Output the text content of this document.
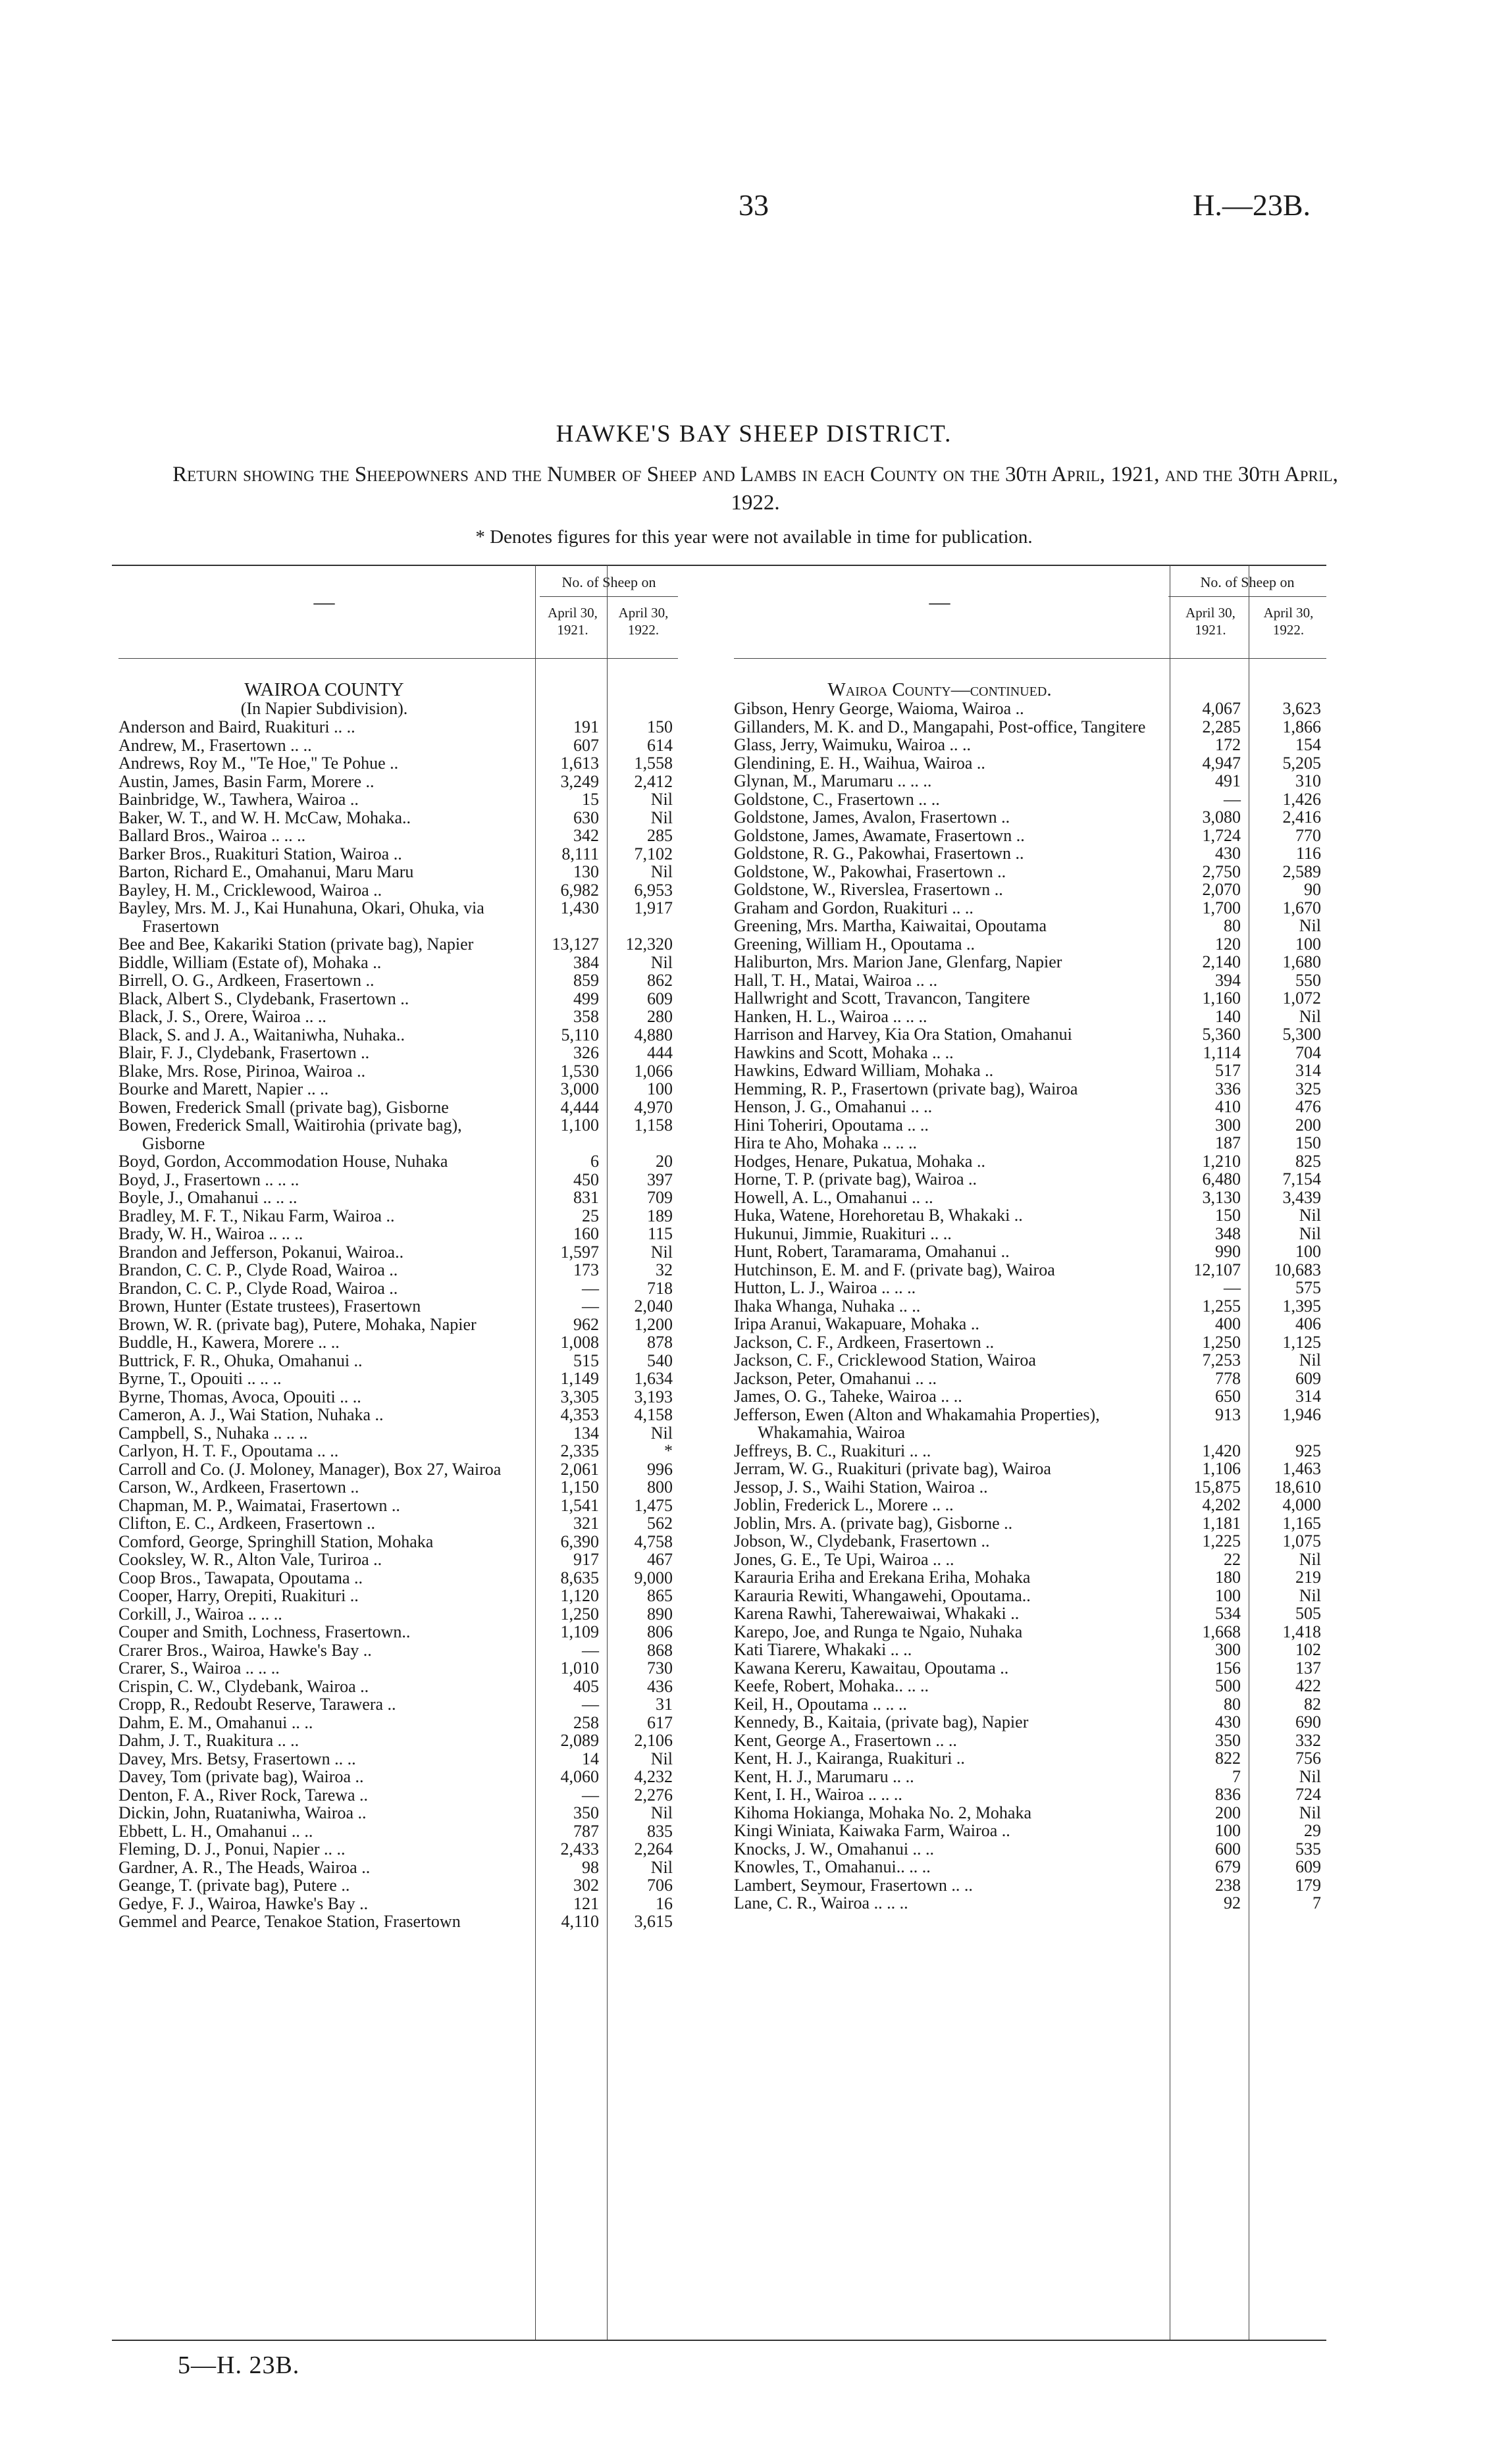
33	H.—23B.
HAWKE'S BAY SHEEP DISTRICT.
Return showing the Sheepowners and the Number of Sheep and Lambs in each County on the 30th April, 1921, and the 30th April, 1922.
* Denotes figures for this year were not available in time for publication.
—
No. of Sheep on
April 30, 1921.
April 30, 1922.
WAIROA COUNTY
(In Napier Subdivision).
Anderson and Baird, Ruakituri .. ..	191	150
Andrew, M., Frasertown .. ..	607	614
Andrews, Roy M., "Te Hoe," Te Pohue ..	1,613	1,558
Austin, James, Basin Farm, Morere ..	3,249	2,412
Bainbridge, W., Tawhera, Wairoa ..	15	Nil
Baker, W. T., and W. H. McCaw, Mohaka..	630	Nil
Ballard Bros., Wairoa .. .. ..	342	285
Barker Bros., Ruakituri Station, Wairoa ..	8,111	7,102
Barton, Richard E., Omahanui, Maru Maru	130	Nil
Bayley, H. M., Cricklewood, Wairoa ..	6,982	6,953
Bayley, Mrs. M. J., Kai Hunahuna, Okari, Ohuka, via Frasertown
1,430	1,917
Bee and Bee, Kakariki Station (private bag), Napier	13,127	12,320
Biddle, William (Estate of), Mohaka ..	384	Nil
Birrell, O. G., Ardkeen, Frasertown ..	859	862
Black, Albert S., Clydebank, Frasertown ..	499	609
Black, J. S., Orere, Wairoa .. ..	358	280
Black, S. and J. A., Waitaniwha, Nuhaka..	5,110	4,880
Blair, F. J., Clydebank, Frasertown ..	326	444
Blake, Mrs. Rose, Pirinoa, Wairoa ..	1,530	1,066
Bourke and Marett, Napier .. ..	3,000	100
Bowen, Frederick Small (private bag), Gisborne	4,444	4,970
Bowen, Frederick Small, Waitirohia (private bag), Gisborne
1,100	1,158
Boyd, Gordon, Accommodation House, Nuhaka	6	20
Boyd, J., Frasertown .. .. ..	450	397
Boyle, J., Omahanui .. .. ..	831	709
Bradley, M. F. T., Nikau Farm, Wairoa ..	25	189
Brady, W. H., Wairoa .. .. ..	160	115
Brandon and Jefferson, Pokanui, Wairoa..	1,597	Nil
Brandon, C. C. P., Clyde Road, Wairoa ..	173	32
Brandon, C. C. P., Clyde Road, Wairoa ..	—	718
Brown, Hunter (Estate trustees), Frasertown	—	2,040
Brown, W. R. (private bag), Putere, Mohaka, Napier	962	1,200
Buddle, H., Kawera, Morere .. ..	1,008	878
Buttrick, F. R., Ohuka, Omahanui ..	515	540
Byrne, T., Opouiti .. .. ..	1,149	1,634
Byrne, Thomas, Avoca, Opouiti .. ..	3,305	3,193
Cameron, A. J., Wai Station, Nuhaka ..	4,353	4,158
Campbell, S., Nuhaka .. .. ..	134	Nil
Carlyon, H. T. F., Opoutama .. ..	2,335	*
Carroll and Co. (J. Moloney, Manager), Box 27, Wairoa	2,061	996
Carson, W., Ardkeen, Frasertown ..	1,150	800
Chapman, M. P., Waimatai, Frasertown ..	1,541	1,475
Clifton, E. C., Ardkeen, Frasertown ..	321	562
Comford, George, Springhill Station, Mohaka	6,390	4,758
Cooksley, W. R., Alton Vale, Turiroa ..	917	467
Coop Bros., Tawapata, Opoutama ..	8,635	9,000
Cooper, Harry, Orepiti, Ruakituri ..	1,120	865
Corkill, J., Wairoa .. .. ..	1,250	890
Couper and Smith, Lochness, Frasertown..	1,109	806
Crarer Bros., Wairoa, Hawke's Bay ..	—	868
Crarer, S., Wairoa .. .. ..	1,010	730
Crispin, C. W., Clydebank, Wairoa ..	405	436
Cropp, R., Redoubt Reserve, Tarawera ..	—	31
Dahm, E. M., Omahanui .. ..	258	617
Dahm, J. T., Ruakitura .. ..	2,089	2,106
Davey, Mrs. Betsy, Frasertown .. ..	14	Nil
Davey, Tom (private bag), Wairoa ..	4,060	4,232
Denton, F. A., River Rock, Tarewa ..	—	2,276
Dickin, John, Ruataniwha, Wairoa ..	350	Nil
Ebbett, L. H., Omahanui .. ..	787	835
Fleming, D. J., Ponui, Napier .. ..	2,433	2,264
Gardner, A. R., The Heads, Wairoa ..	98	Nil
Geange, T. (private bag), Putere ..	302	706
Gedye, F. J., Wairoa, Hawke's Bay ..	121	16
Gemmel and Pearce, Tenakoe Station, Frasertown	4,110	3,615
—
No. of Sheep on
April 30, 1921.
April 30, 1922.
Wairoa County—continued.
Gibson, Henry George, Waioma, Wairoa ..	4,067	3,623
Gillanders, M. K. and D., Mangapahi, Post-office, Tangitere	2,285	1,866
Glass, Jerry, Waimuku, Wairoa .. ..	172	154
Glendining, E. H., Waihua, Wairoa ..	4,947	5,205
Glynan, M., Marumaru .. .. ..	491	310
Goldstone, C., Frasertown .. ..	—	1,426
Goldstone, James, Avalon, Frasertown ..	3,080	2,416
Goldstone, James, Awamate, Frasertown ..	1,724	770
Goldstone, R. G., Pakowhai, Frasertown ..	430	116
Goldstone, W., Pakowhai, Frasertown ..	2,750	2,589
Goldstone, W., Riverslea, Frasertown ..	2,070	90
Graham and Gordon, Ruakituri .. ..	1,700	1,670
Greening, Mrs. Martha, Kaiwaitai, Opoutama	80	Nil
Greening, William H., Opoutama ..	120	100
Haliburton, Mrs. Marion Jane, Glenfarg, Napier	2,140	1,680
Hall, T. H., Matai, Wairoa .. ..	394	550
Hallwright and Scott, Travancon, Tangitere	1,160	1,072
Hanken, H. L., Wairoa .. .. ..	140	Nil
Harrison and Harvey, Kia Ora Station, Omahanui	5,360	5,300
Hawkins and Scott, Mohaka .. ..	1,114	704
Hawkins, Edward William, Mohaka ..	517	314
Hemming, R. P., Frasertown (private bag), Wairoa	336	325
Henson, J. G., Omahanui .. ..	410	476
Hini Toheriri, Opoutama .. ..	300	200
Hira te Aho, Mohaka .. .. ..	187	150
Hodges, Henare, Pukatua, Mohaka ..	1,210	825
Horne, T. P. (private bag), Wairoa ..	6,480	7,154
Howell, A. L., Omahanui .. ..	3,130	3,439
Huka, Watene, Horehoretau B, Whakaki ..	150	Nil
Hukunui, Jimmie, Ruakituri .. ..	348	Nil
Hunt, Robert, Taramarama, Omahanui ..	990	100
Hutchinson, E. M. and F. (private bag), Wairoa	12,107	10,683
Hutton, L. J., Wairoa .. .. ..	—	575
Ihaka Whanga, Nuhaka .. ..	1,255	1,395
Iripa Aranui, Wakapuare, Mohaka ..	400	406
Jackson, C. F., Ardkeen, Frasertown ..	1,250	1,125
Jackson, C. F., Cricklewood Station, Wairoa	7,253	Nil
Jackson, Peter, Omahanui .. ..	778	609
James, O. G., Taheke, Wairoa .. ..	650	314
Jefferson, Ewen (Alton and Whakamahia Properties), Whakamahia, Wairoa
913	1,946
Jeffreys, B. C., Ruakituri .. ..	1,420	925
Jerram, W. G., Ruakituri (private bag), Wairoa	1,106	1,463
Jessop, J. S., Waihi Station, Wairoa ..	15,875	18,610
Joblin, Frederick L., Morere .. ..	4,202	4,000
Joblin, Mrs. A. (private bag), Gisborne ..	1,181	1,165
Jobson, W., Clydebank, Frasertown ..	1,225	1,075
Jones, G. E., Te Upi, Wairoa .. ..	22	Nil
Karauria Eriha and Erekana Eriha, Mohaka	180	219
Karauria Rewiti, Whangawehi, Opoutama..	100	Nil
Karena Rawhi, Taherewaiwai, Whakaki ..	534	505
Karepo, Joe, and Runga te Ngaio, Nuhaka	1,668	1,418
Kati Tiarere, Whakaki .. ..	300	102
Kawana Kereru, Kawaitau, Opoutama ..	156	137
Keefe, Robert, Mohaka.. .. ..	500	422
Keil, H., Opoutama .. .. ..	80	82
Kennedy, B., Kaitaia, (private bag), Napier	430	690
Kent, George A., Frasertown .. ..	350	332
Kent, H. J., Kairanga, Ruakituri ..	822	756
Kent, H. J., Marumaru .. ..	7	Nil
Kent, I. H., Wairoa .. .. ..	836	724
Kihoma Hokianga, Mohaka No. 2, Mohaka	200	Nil
Kingi Winiata, Kaiwaka Farm, Wairoa ..	100	29
Knocks, J. W., Omahanui .. ..	600	535
Knowles, T., Omahanui.. .. ..	679	609
Lambert, Seymour, Frasertown .. ..	238	179
Lane, C. R., Wairoa .. .. ..	92	7
5—H. 23B.
